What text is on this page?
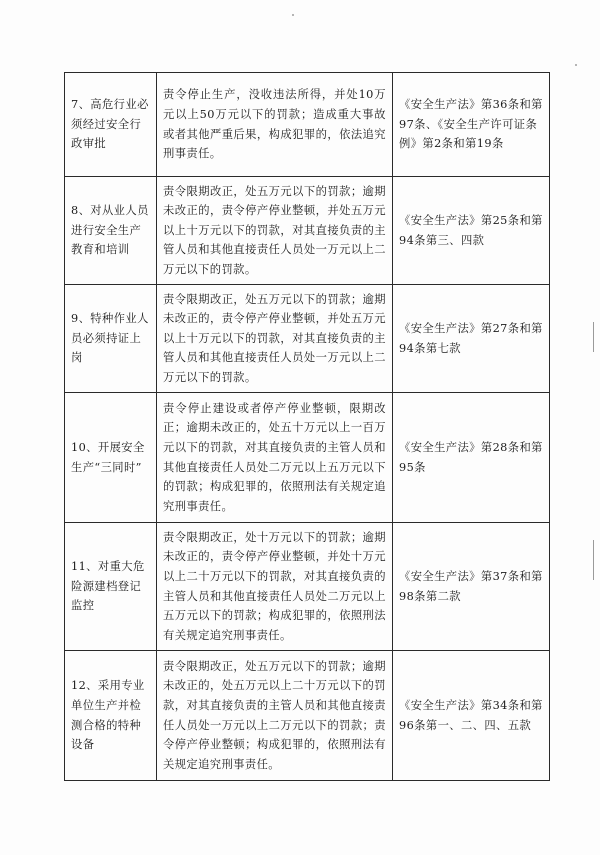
7、高危行业必须经过安全行政审批	责令停止生产，没收违法所得，并处10万元以上50万元以下的罚款；造成重大事故或者其他严重后果，构成犯罪的，依法追究刑事责任。	《安全生产法》第36条和第97条、《安全生产许可证条例》第2条和第19条
8、对从业人员进行安全生产教育和培训	责令限期改正，处五万元以下的罚款；逾期未改正的，责令停产停业整顿，并处五万元以上十万元以下的罚款，对其直接负责的主管人员和其他直接责任人员处一万元以上二万元以下的罚款。	《安全生产法》第25条和第94条第三、四款
9、特种作业人员必须持证上岗	责令限期改正，处五万元以下的罚款；逾期未改正的，责令停产停业整顿，并处五万元以上十万元以下的罚款，对其直接负责的主管人员和其他直接责任人员处一万元以上二万元以下的罚款。	《安全生产法》第27条和第94条第七款
10、开展安全生产“三同时”	责令停止建设或者停产停业整顿，限期改正；逾期未改正的，处五十万元以上一百万元以下的罚款，对其直接负责的主管人员和其他直接责任人员处二万元以上五万元以下的罚款；构成犯罪的，依照刑法有关规定追究刑事责任。	《安全生产法》第28条和第95条
11、对重大危险源建档登记监控	责令限期改正，处十万元以下的罚款；逾期未改正的，责令停产停业整顿，并处十万元以上二十万元以下的罚款，对其直接负责的主管人员和其他直接责任人员处二万元以上五万元以下的罚款；构成犯罪的，依照刑法有关规定追究刑事责任。	《安全生产法》第37条和第98条第二款
12、采用专业单位生产并检测合格的特种设备	责令限期改正，处五万元以下的罚款；逾期未改正的，处五万元以上二十万元以下的罚款，对其直接负责的主管人员和其他直接责任人员处一万元以上二万元以下的罚款；责令停产停业整顿；构成犯罪的，依照刑法有关规定追究刑事责任。	《安全生产法》第34条和第96条第一、二、四、五款
